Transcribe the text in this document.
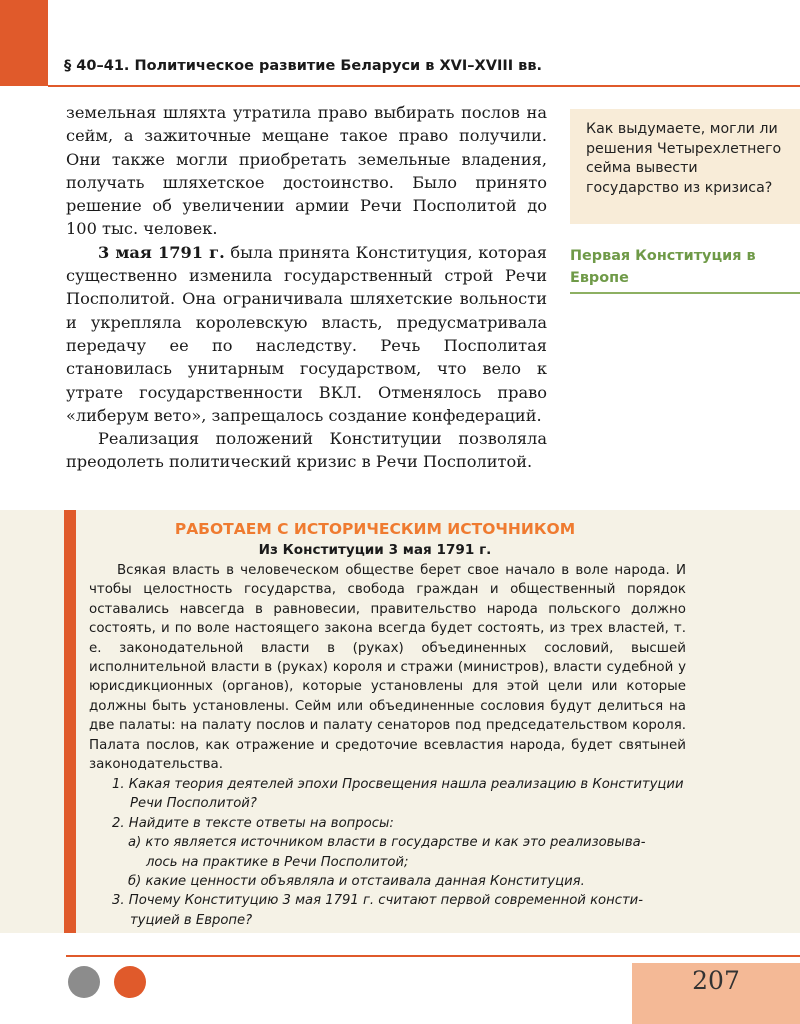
§ 40–41. Политическое развитие Беларуси в XVI–XVIII вв.

земельная шляхта утратила право выбирать послов на сейм, а зажиточные мещане такое право получили. Они также могли приобретать земельные владения, получать шляхетское достоинство. Было принято решение об увеличении армии Речи Посполитой до 100 тыс. человек.

3 мая 1791 г. была принята Конституция, которая существенно изменила государственный строй Речи Посполитой. Она ограничивала шляхетские вольности и укрепляла королевскую власть, предусматривала передачу ее по наследству. Речь Посполитая становилась унитарным государством, что вело к утрате государственности ВКЛ. Отменялось право «либерум вето», запрещалось создание конфедераций.

Реализация положений Конституции позволяла преодолеть политический кризис в Речи Посполитой.

Как выдумаете, могли ли решения Четырехлетнего сейма вывести государство из кризиса?
Первая Конституция в Европе
РАБОТАЕМ С ИСТОРИЧЕСКИМ ИСТОЧНИКОМ
Из Конституции 3 мая 1791 г.

Всякая власть в человеческом обществе берет свое начало в воле народа. И чтобы целостность государства, свобода граждан и общественный порядок оставались навсегда в равновесии, правительство народа польского должно состоять, и по воле настоящего закона всегда будет состоять, из трех властей, т. е. законодательной власти в (руках) объединенных сословий, высшей исполнительной власти в (руках) короля и стражи (министров), власти судебной у юрисдикционных (органов), которые установлены для этой цели или которые должны быть установлены. Сейм или объединенные сословия будут делиться на две палаты: на палату послов и палату сенаторов под председательством короля. Палата послов, как отражение и средоточие всевластия народа, будет святыней законодательства.

1. Какая теория деятелей эпохи Просвещения нашла реализацию в Конституции
Речи Посполитой?
2. Найдите в тексте ответы на вопросы:
а) кто является источником власти в государстве и как это реализовыва-
лось на практике в Речи Посполитой;
б) какие ценности объявляла и отстаивала данная Конституция.
3. Почему Конституцию 3 мая 1791 г. считают первой современной консти-
туцией в Европе?
207
